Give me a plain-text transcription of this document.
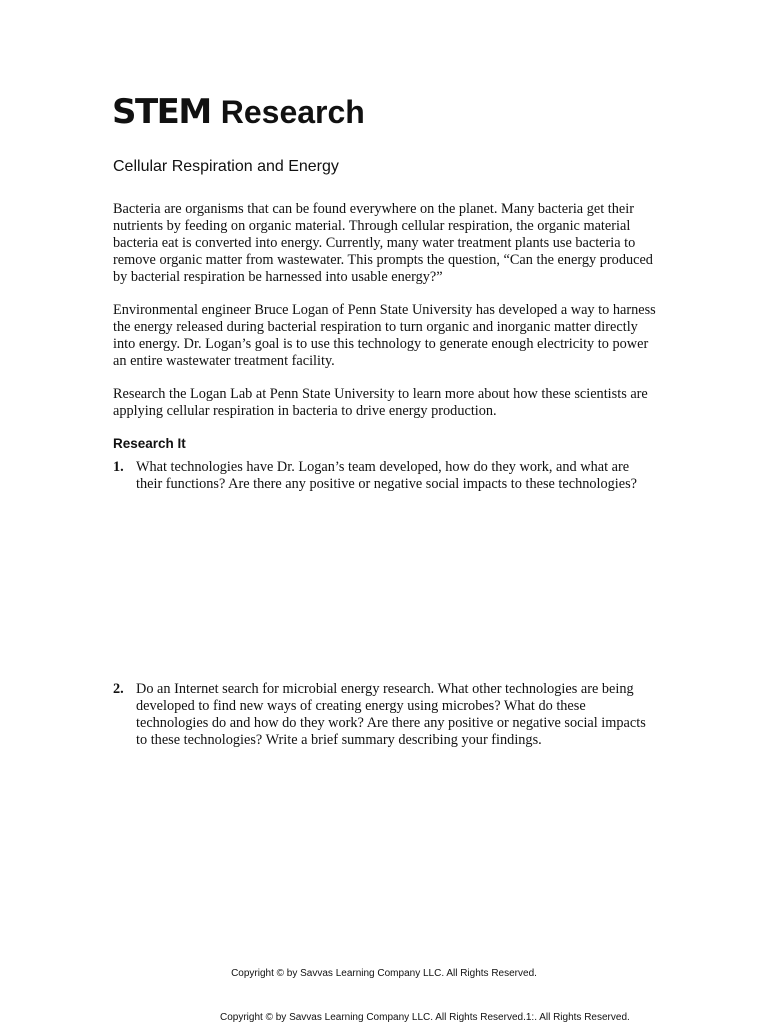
STEM Research
Cellular Respiration and Energy

Bacteria are organisms that can be found everywhere on the planet. Many bacteria get their nutrients by feeding on organic material. Through cellular respiration, the organic material bacteria eat is converted into energy. Currently, many water treatment plants use bacteria to remove organic matter from wastewater. This prompts the question, “Can the energy produced by bacterial respiration be harnessed into usable energy?”

Environmental engineer Bruce Logan of Penn State University has developed a way to harness the energy released during bacterial respiration to turn organic and inorganic matter directly into energy. Dr. Logan’s goal is to use this technology to generate enough electricity to power an entire wastewater treatment facility.

Research the Logan Lab at Penn State University to learn more about how these scientists are applying cellular respiration in bacteria to drive energy production.

Research It
1. What technologies have Dr. Logan’s team developed, how do they work, and what are their functions? Are there any positive or negative social impacts to these technologies?
2. Do an Internet search for microbial energy research. What other technologies are being developed to find new ways of creating energy using microbes? What do these technologies do and how do they work? Are there any positive or negative social impacts to these technologies? Write a brief summary describing your findings.
Copyright © by Savvas Learning Company LLC. All Rights Reserved.
Copyright © by Savvas Learning Company LLC. All Rights Reserved.1:. All Rights Reserved.
